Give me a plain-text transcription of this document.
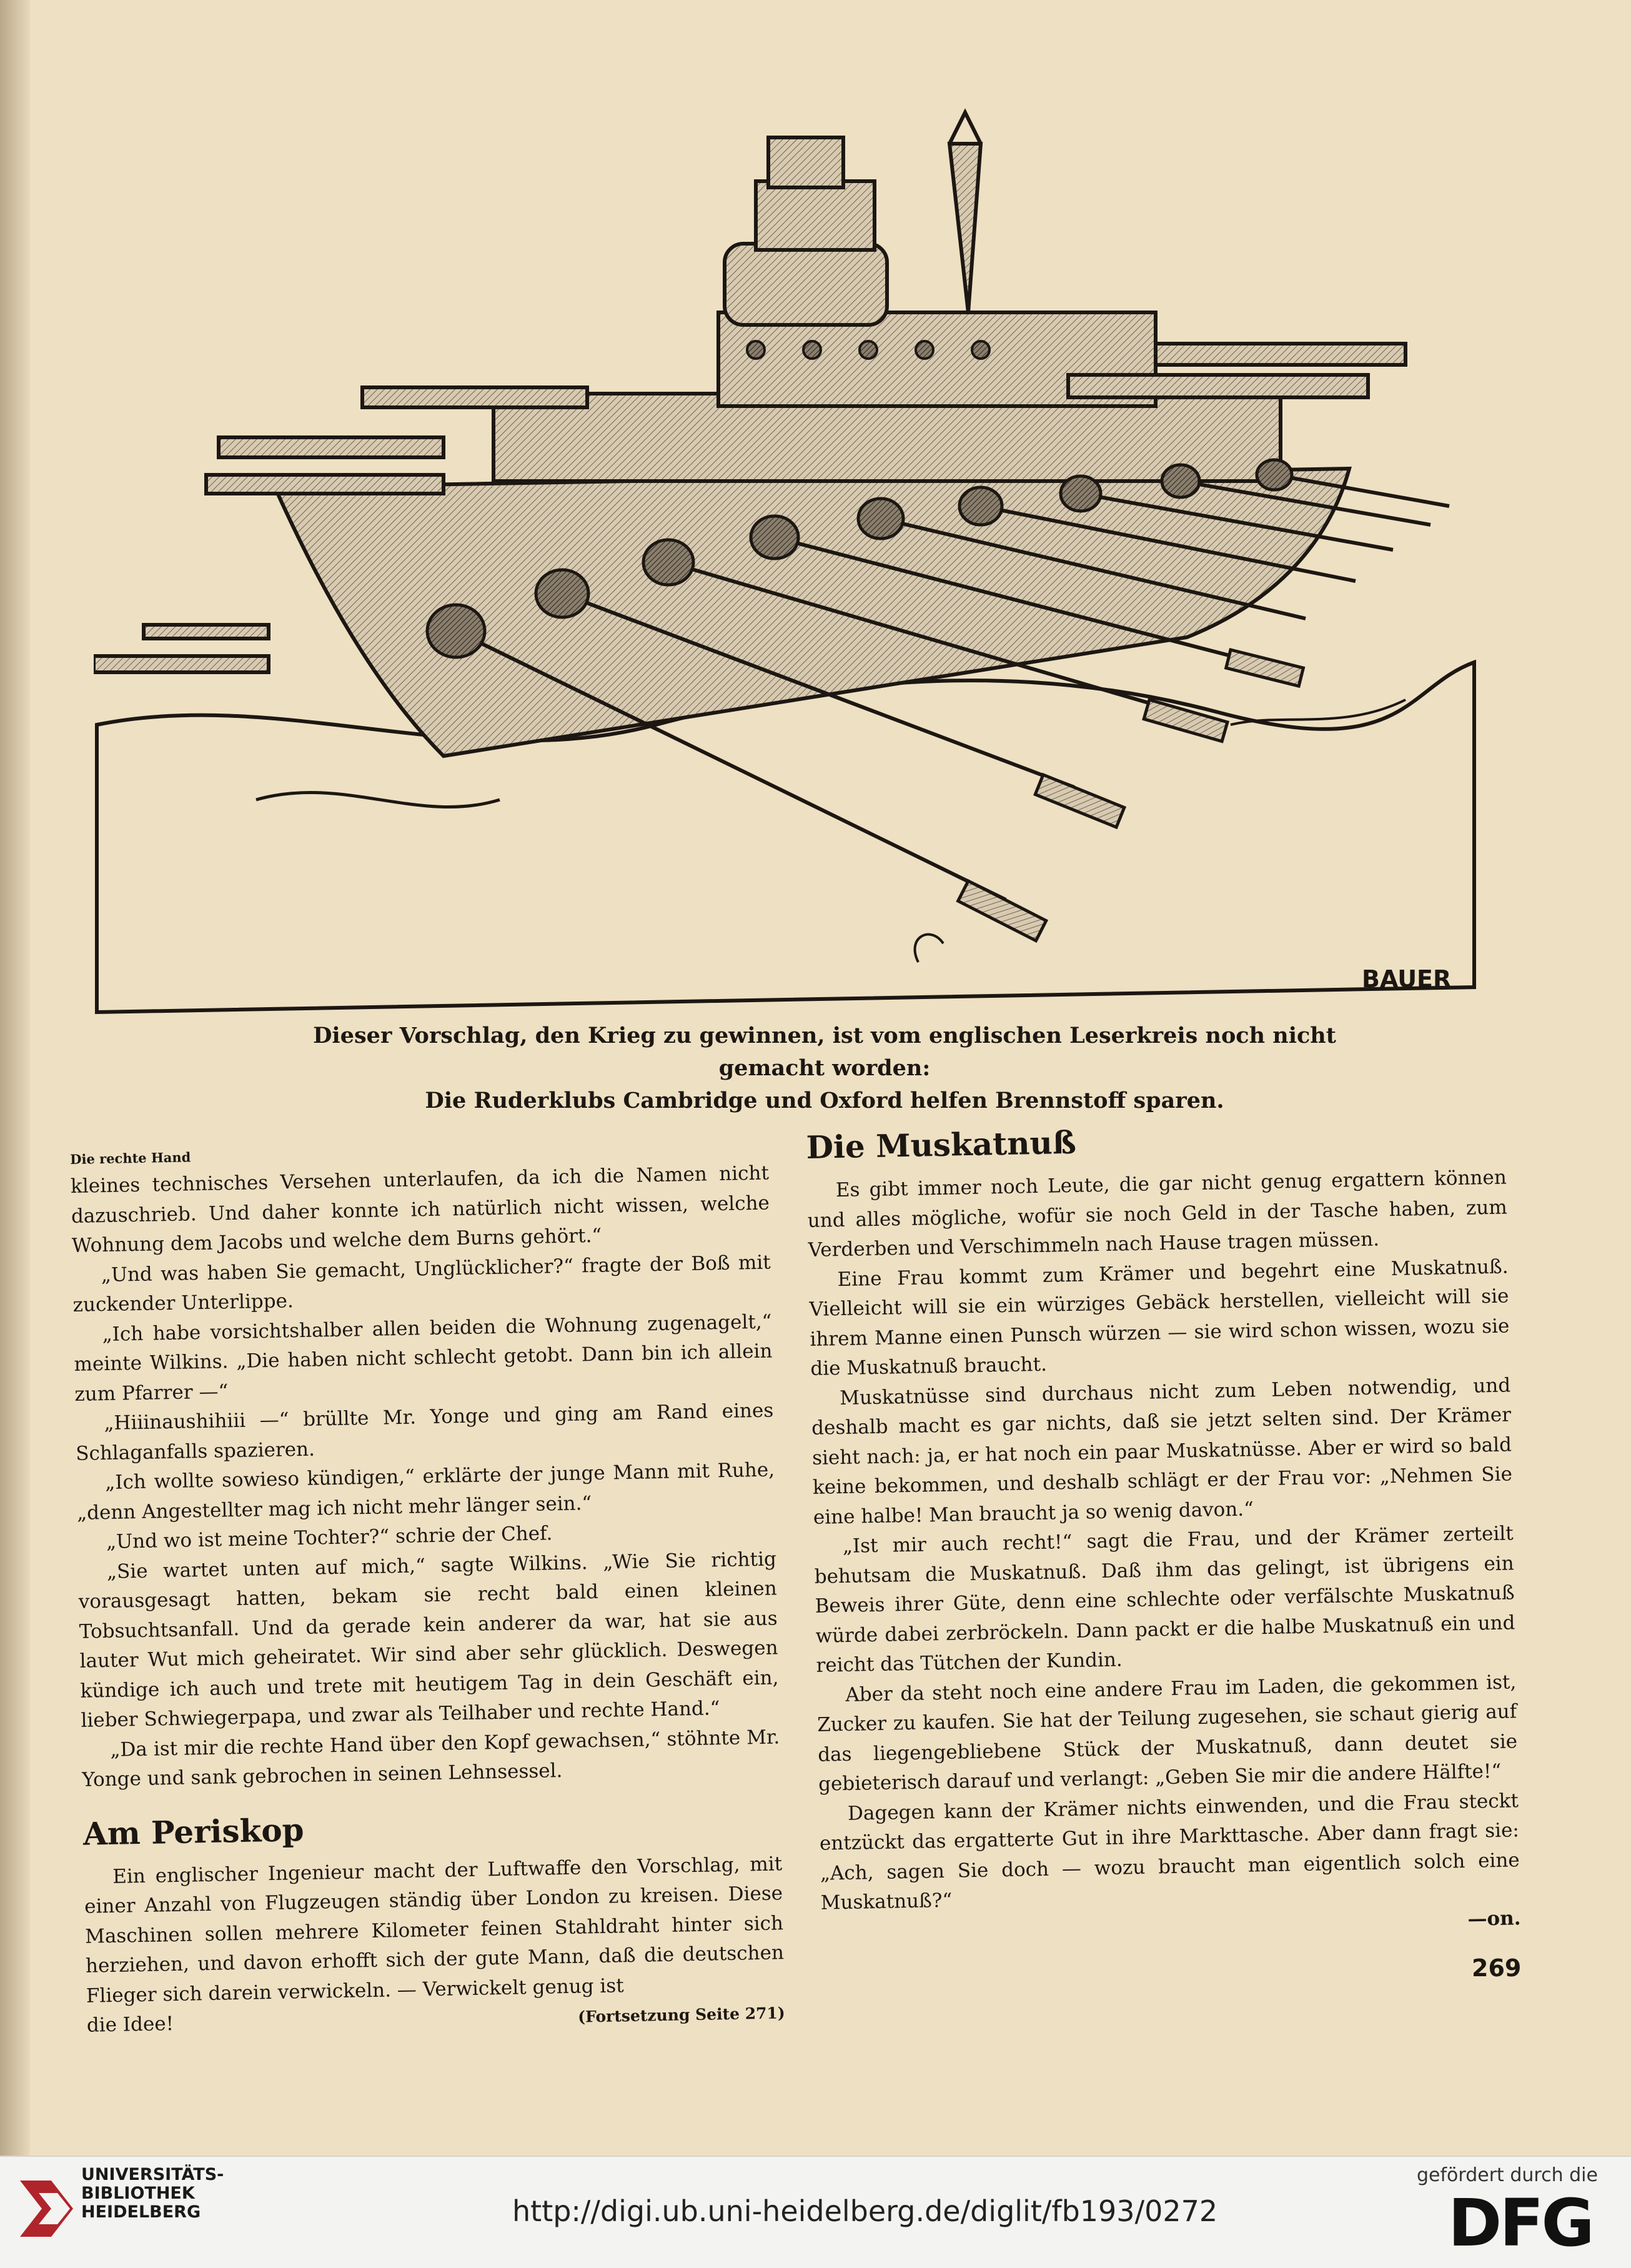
BAUER
Dieser Vorschlag, den Krieg zu gewinnen, ist vom englischen Leserkreis noch nicht gemacht worden:
Die Ruderklubs Cambridge und Oxford helfen Brennstoff sparen.
Die rechte Hand

kleines technisches Versehen unterlaufen, da ich die Namen nicht dazuschrieb. Und daher konnte ich natürlich nicht wissen, welche Wohnung dem Jacobs und welche dem Burns gehört.“

„Und was haben Sie gemacht, Unglücklicher?“ fragte der Boß mit zuckender Unterlippe.

„Ich habe vorsichtshalber allen beiden die Wohnung zugenagelt,“ meinte Wilkins. „Die haben nicht schlecht getobt. Dann bin ich allein zum Pfarrer —“

„Hiiinaushihiii —“ brüllte Mr. Yonge und ging am Rand eines Schlaganfalls spazieren.

„Ich wollte sowieso kündigen,“ erklärte der junge Mann mit Ruhe, „denn Angestellter mag ich nicht mehr länger sein.“

„Und wo ist meine Tochter?“ schrie der Chef.

„Sie wartet unten auf mich,“ sagte Wilkins. „Wie Sie richtig vorausgesagt hatten, bekam sie recht bald einen kleinen Tobsuchtsanfall. Und da gerade kein anderer da war, hat sie aus lauter Wut mich geheiratet. Wir sind aber sehr glücklich. Deswegen kündige ich auch und trete mit heutigem Tag in dein Geschäft ein, lieber Schwiegerpapa, und zwar als Teilhaber und rechte Hand.“

„Da ist mir die rechte Hand über den Kopf gewachsen,“ stöhnte Mr. Yonge und sank gebrochen in seinen Lehnsessel.

Am Periskop

Ein englischer Ingenieur macht der Luftwaffe den Vorschlag, mit einer Anzahl von Flugzeugen ständig über London zu kreisen. Diese Maschinen sollen mehrere Kilometer feinen Stahldraht hinter sich herziehen, und davon erhofft sich der gute Mann, daß die deutschen Flieger sich darein verwickeln. — Verwickelt genug ist

die Idee!	(Fortsetzung Seite 271)
Die Muskatnuß

Es gibt immer noch Leute, die gar nicht genug ergattern können und alles mögliche, wofür sie noch Geld in der Tasche haben, zum Verderben und Verschimmeln nach Hause tragen müssen.

Eine Frau kommt zum Krämer und begehrt eine Muskatnuß. Vielleicht will sie ein würziges Gebäck herstellen, vielleicht will sie ihrem Manne einen Punsch würzen — sie wird schon wissen, wozu sie die Muskatnuß braucht.

Muskatnüsse sind durchaus nicht zum Leben notwendig, und deshalb macht es gar nichts, daß sie jetzt selten sind. Der Krämer sieht nach: ja, er hat noch ein paar Muskatnüsse. Aber er wird so bald keine bekommen, und deshalb schlägt er der Frau vor: „Nehmen Sie eine halbe! Man braucht ja so wenig davon.“

„Ist mir auch recht!“ sagt die Frau, und der Krämer zerteilt behutsam die Muskatnuß. Daß ihm das gelingt, ist übrigens ein Beweis ihrer Güte, denn eine schlechte oder verfälschte Muskatnuß würde dabei zerbröckeln. Dann packt er die halbe Muskatnuß ein und reicht das Tütchen der Kundin.

Aber da steht noch eine andere Frau im Laden, die gekommen ist, Zucker zu kaufen. Sie hat der Teilung zugesehen, sie schaut gierig auf das liegengebliebene Stück der Muskatnuß, dann deutet sie gebieterisch darauf und verlangt: „Geben Sie mir die andere Hälfte!“

Dagegen kann der Krämer nichts einwenden, und die Frau steckt entzückt das ergatterte Gut in ihre Markttasche. Aber dann fragt sie: „Ach, sagen Sie doch — wozu braucht man eigentlich solch eine Muskatnuß?“

—on.
269
UNIVERSITÄTS-
BIBLIOTHEK
HEIDELBERG	http://digi.ub.uni-heidelberg.de/diglit/fb193/0272
gefördert durch die
DFG
